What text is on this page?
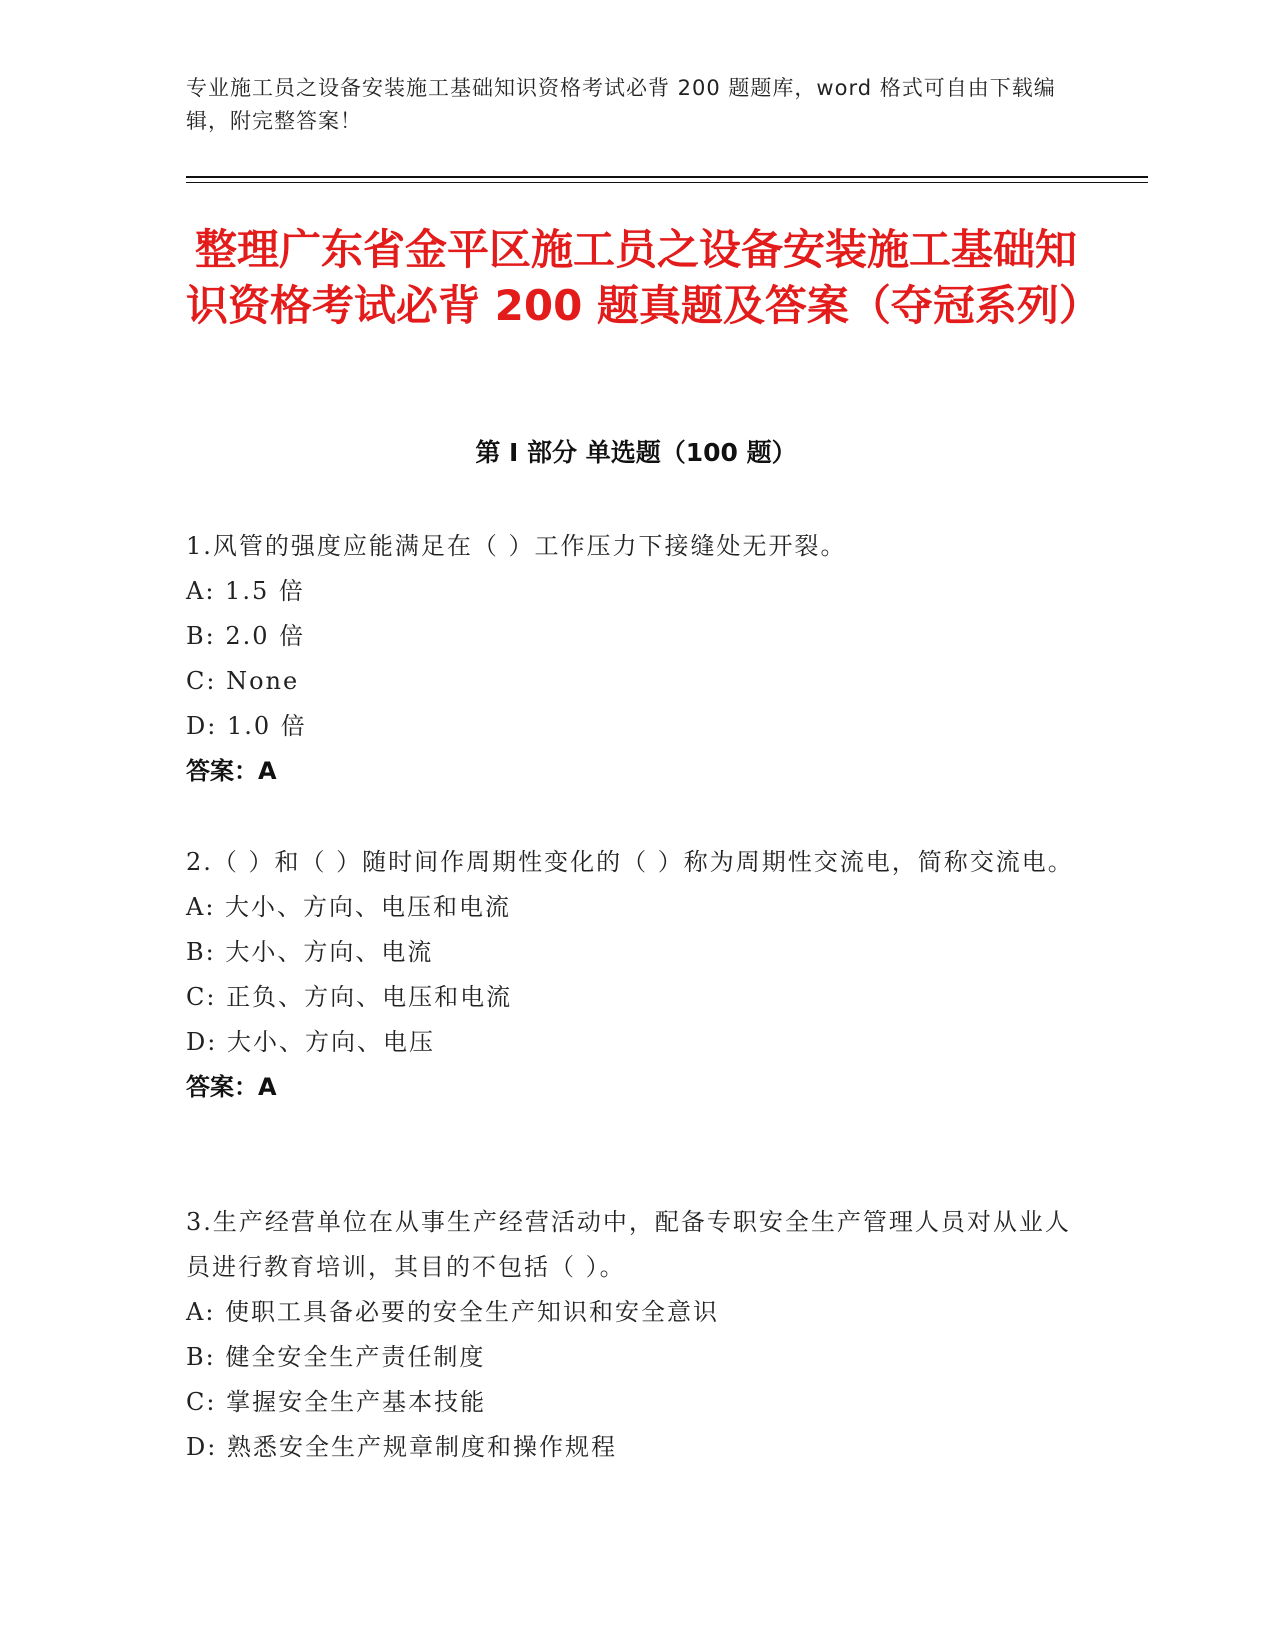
专业施工员之设备安装施工基础知识资格考试必背 200 题题库，word 格式可自由下载编辑，附完整答案！
整理广东省金平区施工员之设备安装施工基础知识资格考试必背 200 题真题及答案（夺冠系列）
第 I 部分 单选题（100 题）
1.风管的强度应能满足在（ ）工作压力下接缝处无开裂。
A: 1.5 倍
B: 2.0 倍
C: None
D: 1.0 倍
答案：A
2.（ ）和（ ）随时间作周期性变化的（ ）称为周期性交流电，简称交流电。
A: 大小、方向、电压和电流
B: 大小、方向、电流
C: 正负、方向、电压和电流
D: 大小、方向、电压
答案：A
3.生产经营单位在从事生产经营活动中，配备专职安全生产管理人员对从业人员进行教育培训，其目的不包括（ ）。
A: 使职工具备必要的安全生产知识和安全意识
B: 健全安全生产责任制度
C: 掌握安全生产基本技能
D: 熟悉安全生产规章制度和操作规程
